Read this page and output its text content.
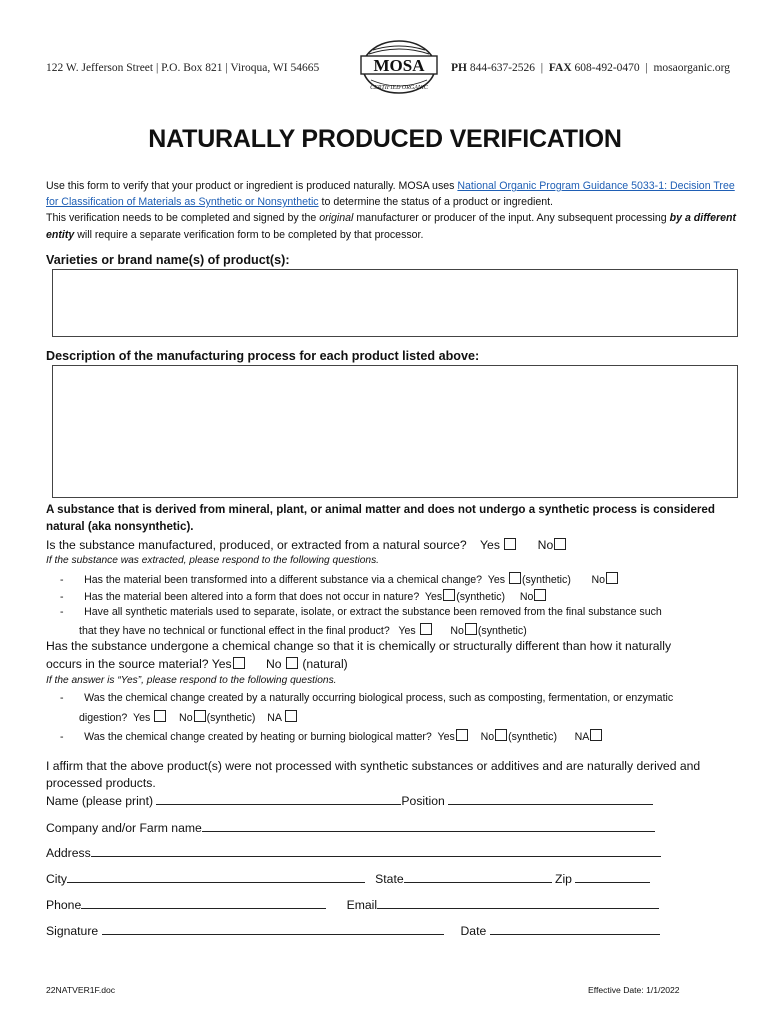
122 W. Jefferson Street | P.O. Box 821 | Viroqua, WI 54665	MOSA
CERTIFIED ORGANIC
PH 844-637-2526  |  FAX 608-492-0470  |  mosaorganic.org
NATURALLY PRODUCED VERIFICATION
Use this form to verify that your product or ingredient is produced naturally. MOSA uses National Organic Program Guidance 5033-1: Decision Tree for Classification of Materials as Synthetic or Nonsynthetic to determine the status of a product or ingredient.
This verification needs to be completed and signed by the original manufacturer or producer of the input. Any subsequent processing by a different entity will require a separate verification form to be completed by that processor.
Varieties or brand name(s) of product(s):
Description of the manufacturing process for each product listed above:
A substance that is derived from mineral, plant, or animal matter and does not undergo a synthetic process is considered natural (aka nonsynthetic).
Is the substance manufactured, produced, or extracted from a natural source? Yes	No
If the substance was extracted, please respond to the following questions.
-       Has the material been transformed into a different substance via a chemical change? Yes (synthetic) No
-       Has the material been altered into a form that does not occur in nature? Yes (synthetic) No
-       Have all synthetic materials used to separate, isolate, or extract the substance been removed from the final substance such
that they have no technical or functional effect in the final product? Yes	No (synthetic)
Has the substance undergone a chemical change so that it is chemically or structurally different than how it naturally
occurs in the source material? Yes	No (natural)
If the answer is “Yes”, please respond to the following questions.
-       Was the chemical change created by a naturally occurring biological process, such as composting, fermentation, or enzymatic
digestion? Yes	No (synthetic) NA
-       Was the chemical change created by heating or burning biological matter? Yes No (synthetic) NA
I affirm that the above product(s) were not processed with synthetic substances or additives and are naturally derived and processed products.
Name (please print)	Position
Company and/or Farm name
Address
City	State	Zip
Phone	Email
Signature	Date
22NATVER1F.doc	Effective Date: 1/1/2022
